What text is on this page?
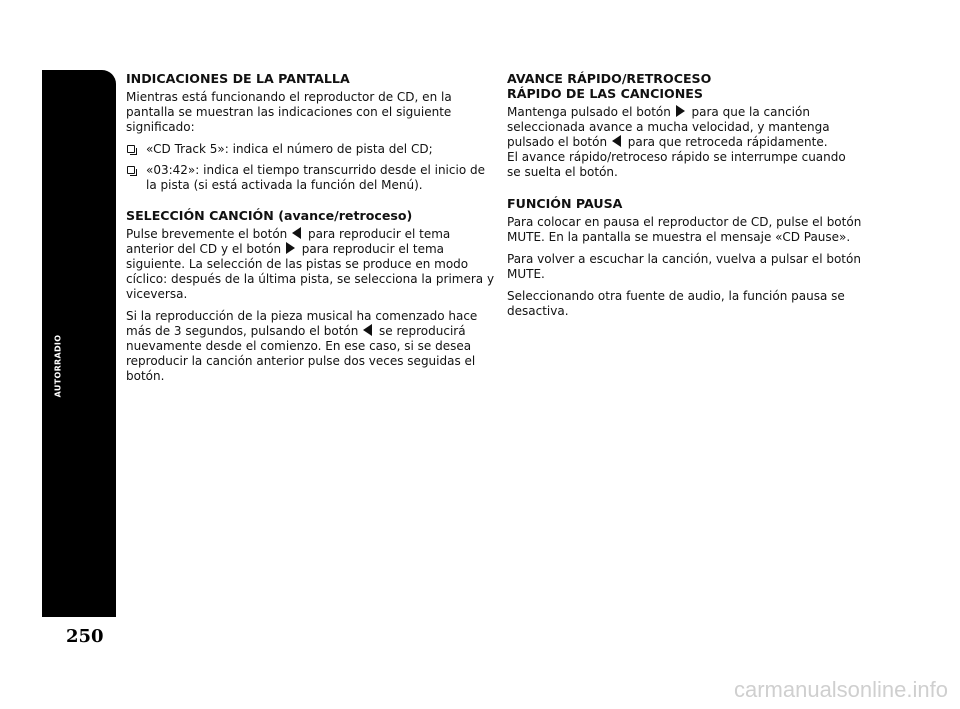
AUTORRADIO
250
INDICACIONES DE LA PANTALLA
Mientras está funcionando el reproductor de CD, en la pantalla se muestran las indicaciones con el siguiente significado:
«CD Track 5»: indica el número de pista del CD;
«03:42»: indica el tiempo transcurrido desde el inicio de la pista (si está activada la función del Menú).
SELECCIÓN CANCIÓN (avance/retroceso)
Pulse brevemente el botón para reproducir el tema anterior del CD y el botón para reproducir el tema siguiente. La selección de las pistas se produce en modo cíclico: después de la última pista, se selecciona la primera y viceversa.
Si la reproducción de la pieza musical ha comenzado hace más de 3 segundos, pulsando el botón se reproducirá nuevamente desde el comienzo. En ese caso, si se desea reproducir la canción anterior pulse dos veces seguidas el botón.
AVANCE RÁPIDO/RETROCESO
RÁPIDO DE LAS CANCIONES
Mantenga pulsado el botón para que la canción seleccionada avance a mucha velocidad, y mantenga pulsado el botón para que retroceda rápidamente.
El avance rápido/retroceso rápido se interrumpe cuando se suelta el botón.
FUNCIÓN PAUSA
Para colocar en pausa el reproductor de CD, pulse el botón MUTE. En la pantalla se muestra el mensaje «CD Pause».
Para volver a escuchar la canción, vuelva a pulsar el botón MUTE.
Seleccionando otra fuente de audio, la función pausa se desactiva.
carmanualsonline.info
